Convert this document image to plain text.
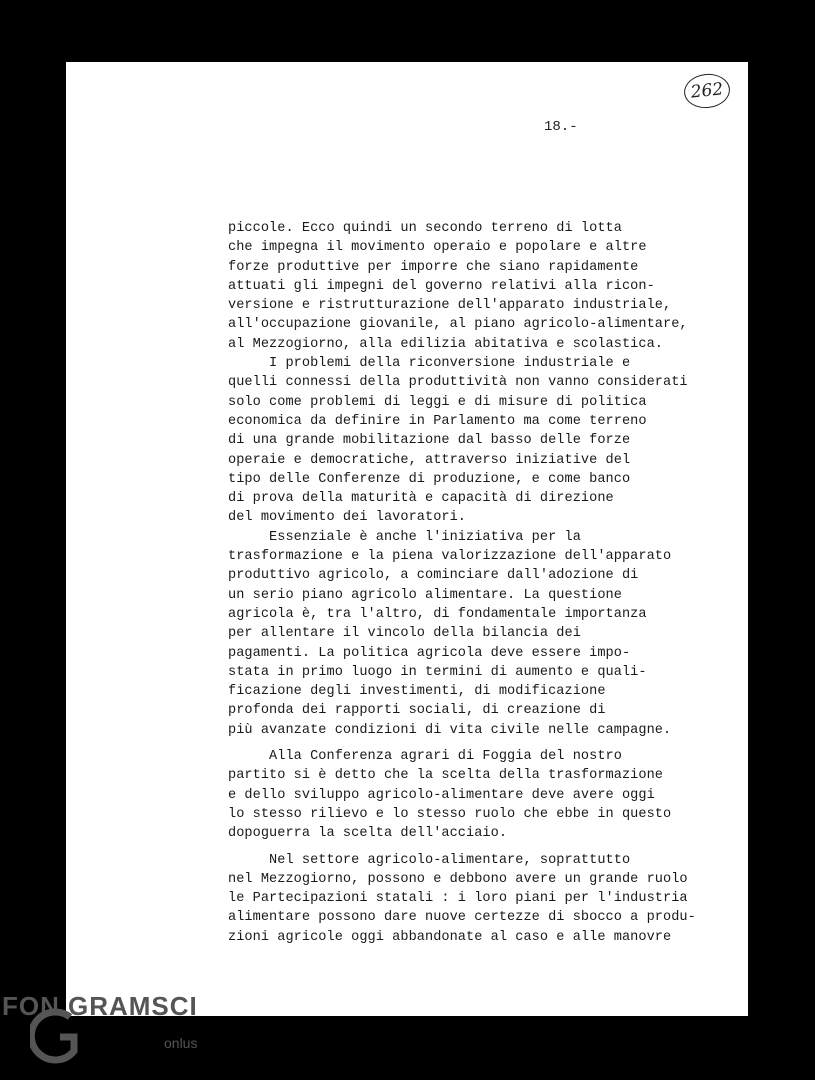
262
18.-
piccole. Ecco quindi un secondo terreno di lotta
che impegna il movimento operaio e popolare e altre
forze produttive per imporre che siano rapidamente
attuati gli impegni del governo relativi alla ricon-
versione e ristrutturazione dell'apparato industriale,
all'occupazione giovanile, al piano agricolo-alimentare,
al Mezzogiorno, alla edilizia abitativa e scolastica.
I problemi della riconversione industriale e
quelli connessi della produttività non vanno considerati
solo come problemi di leggi e di misure di politica
economica da definire in Parlamento ma come terreno
di una grande mobilitazione dal basso delle forze
operaie e democratiche, attraverso iniziative del
tipo delle Conferenze di produzione, e come banco
di prova della maturità e capacità di direzione
del movimento dei lavoratori.
Essenziale è anche l'iniziativa per la
trasformazione e la piena valorizzazione dell'apparato
produttivo agricolo, a cominciare dall'adozione di
un serio piano agricolo alimentare. La questione
agricola è, tra l'altro, di fondamentale importanza
per allentare il vincolo della bilancia dei
pagamenti. La politica agricola deve essere impo-
stata in primo luogo in termini di aumento e quali-
ficazione degli investimenti, di modificazione
profonda dei rapporti sociali, di creazione di
più avanzate condizioni di vita civile nelle campagne.
Alla Conferenza agrari di Foggia del nostro
partito si è detto che la scelta della trasformazione
e dello sviluppo agricolo-alimentare deve avere oggi
lo stesso rilievo e lo stesso ruolo che ebbe in questo
dopoguerra la scelta dell'acciaio.
Nel settore agricolo-alimentare, soprattutto
nel Mezzogiorno, possono e debbono avere un grande ruolo
le Partecipazioni statali : i loro piani per l'industria
alimentare possono dare nuove certezze di sbocco a produ-
zioni agricole oggi abbandonate al caso e alle manovre
FON GRAMSCI
onlus
